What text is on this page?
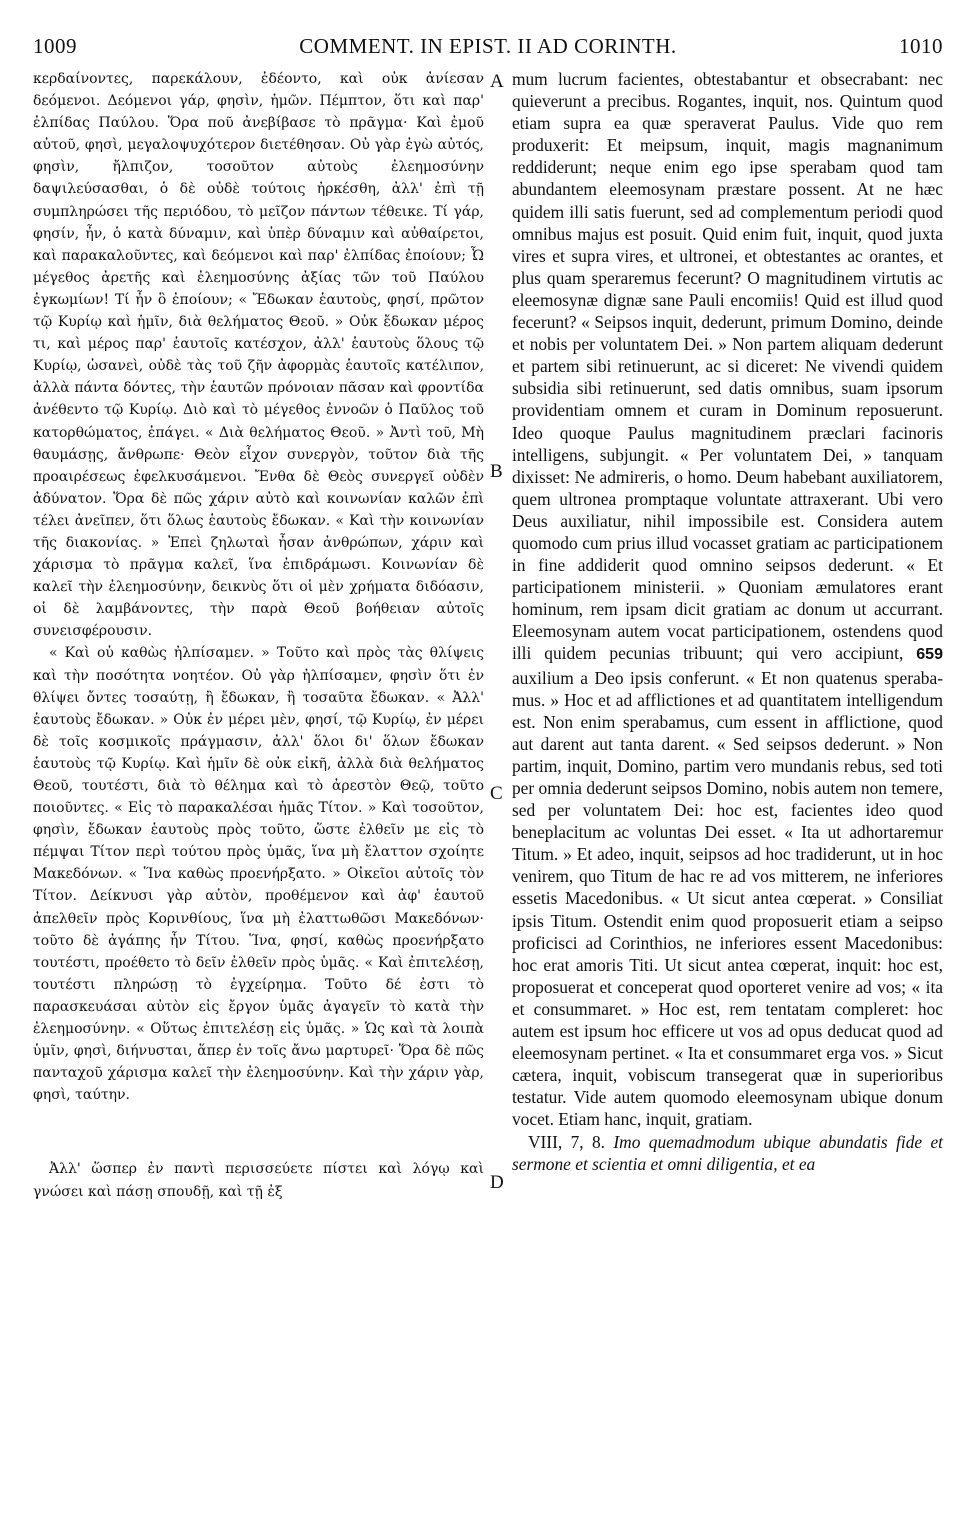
1009	COMMENT. IN EPIST. II AD CORINTH.	1010

κερδαίνοντες, παρεκάλουν, ἐδέοντο, καὶ οὐκ ἀνίεσαν δεόμενοι. Δεόμενοι γάρ, φησὶν, ἡμῶν. Πέμπτον, ὅτι καὶ παρ' ἐλπίδας Παύλου. Ὅρα ποῦ ἀνεβίβασε τὸ πρᾶγμα· Καὶ ἐμοῦ αὐτοῦ, φησὶ, μεγαλοψυχότερον διετέθησαν. Οὐ γὰρ ἐγὼ αὐτός, φησὶν, ἤλπιζον, τοσοῦτον αὐτοὺς ἐλεημοσύνην δαψιλεύσασθαι, ὁ δὲ οὐδὲ τούτοις ἠρκέσθη, ἀλλ' ἐπὶ τῇ συμπληρώσει τῆς περιόδου, τὸ μεῖζον πάντων τέθεικε. Τί γάρ, φησίν, ἦν, ὁ κατὰ δύναμιν, καὶ ὑπὲρ δύναμιν καὶ αὐθαίρετοι, καὶ παρακαλοῦντες, καὶ δεόμενοι καὶ παρ' ἐλπίδας ἐποίουν; Ὦ μέγεθος ἀρετῆς καὶ ἐλεημοσύνης ἀξίας τῶν τοῦ Παύλου ἐγκωμίων! Τί ἦν ὃ ἐποίουν; « Ἔδωκαν ἑαυτοὺς, φησί, πρῶτον τῷ Κυρίῳ καὶ ἡμῖν, διὰ θελήματος Θεοῦ. » Οὐκ ἔδωκαν μέρος τι, καὶ μέρος παρ' ἑαυτοῖς κατέσχον, ἀλλ' ἑαυτοὺς ὅλους τῷ Κυρίῳ, ὡσανεὶ, οὐδὲ τὰς τοῦ ζῆν ἀφορμὰς ἑαυτοῖς κατέλιπον, ἀλλὰ πάντα δόντες, τὴν ἑαυτῶν πρόνοιαν πᾶσαν καὶ φροντίδα ἀνέθεντο τῷ Κυρίῳ. Διὸ καὶ τὸ μέγεθος ἐννοῶν ὁ Παῦλος τοῦ κατορθώματος, ἐπάγει. « Διὰ θελήματος Θεοῦ. » Ἀντὶ τοῦ, Μὴ θαυμάσῃς, ἄνθρωπε· Θεὸν εἶχον συνεργὸν, τοῦτον διὰ τῆς προαιρέσεως ἐφελκυσάμενοι. Ἔνθα δὲ Θεὸς συνεργεῖ οὐδὲν ἀδύνατον. Ὅρα δὲ πῶς χάριν αὐτὸ καὶ κοινωνίαν καλῶν ἐπὶ τέλει ἀνεῖπεν, ὅτι ὅλως ἑαυτοὺς ἔδωκαν. « Καὶ τὴν κοινωνίαν τῆς διακονίας. » Ἐπεὶ ζηλωταὶ ἦσαν ἀνθρώπων, χάριν καὶ χάρισμα τὸ πρᾶγμα καλεῖ, ἵνα ἐπιδράμωσι. Κοινωνίαν δὲ καλεῖ τὴν ἐλεημοσύνην, δεικνὺς ὅτι οἱ μὲν χρήματα διδόασιν, οἱ δὲ λαμβάνοντες, τὴν παρὰ Θεοῦ βοήθειαν αὐτοῖς συνεισφέρουσιν.

« Καὶ οὐ καθὼς ἠλπίσαμεν. » Τοῦτο καὶ πρὸς τὰς θλίψεις καὶ τὴν ποσότητα νοητέον. Οὐ γὰρ ἠλπίσαμεν, φησὶν ὅτι ἐν θλίψει ὄντες τοσαύτῃ, ἢ ἔδωκαν, ἢ τοσαῦτα ἔδωκαν. « Ἀλλ' ἑαυτοὺς ἔδωκαν. » Οὐκ ἐν μέρει μὲν, φησί, τῷ Κυρίῳ, ἐν μέρει δὲ τοῖς κοσμικοῖς πράγμασιν, ἀλλ' ὅλοι δι' ὅλων ἔδωκαν ἑαυτοὺς τῷ Κυρίῳ. Καὶ ἡμῖν δὲ οὐκ εἰκῆ, ἀλλὰ διὰ θελήματος Θεοῦ, τουτέστι, διὰ τὸ θέλημα καὶ τὸ ἀρεστὸν Θεῷ, τοῦτο ποιοῦντες. « Εἰς τὸ παρακαλέσαι ἡμᾶς Τίτον. » Καὶ τοσοῦτον, φησὶν, ἔδωκαν ἑαυτοὺς πρὸς τοῦτο, ὥστε ἐλθεῖν με εἰς τὸ πέμψαι Τίτον περὶ τούτου πρὸς ὑμᾶς, ἵνα μὴ ἔλαττον σχοίητε Μακεδόνων. « Ἵνα καθὼς προενήρξατο. » Οἰκεῖοι αὐτοῖς τὸν Τίτον. Δείκνυσι γὰρ αὐτὸν, προθέμενον καὶ ἀφ' ἑαυτοῦ ἀπελθεῖν πρὸς Κορινθίους, ἵνα μὴ ἐλαττωθῶσι Μακεδόνων· τοῦτο δὲ ἀγάπης ἦν Τίτου. Ἵνα, φησί, καθὼς προενήρξατο τουτέστι, προέθετο τὸ δεῖν ἐλθεῖν πρὸς ὑμᾶς. « Καὶ ἐπιτελέσῃ, τουτέστι πληρώσῃ τὸ ἐγχείρημα. Τοῦτο δέ ἐστι τὸ παρασκευάσαι αὐτὸν εἰς ἔργον ὑμᾶς ἀγαγεῖν τὸ κατὰ τὴν ἐλεημοσύνην. « Οὕτως ἐπιτελέσῃ εἰς ὑμᾶς. » Ὡς καὶ τὰ λοιπὰ ὑμῖν, φησὶ, διήνυσται, ἅπερ ἐν τοῖς ἄνω μαρτυρεῖ· Ὅρα δὲ πῶς πανταχοῦ χάρισμα καλεῖ τὴν ἐλεημοσύνην. Καὶ τὴν χάριν γὰρ, φησὶ, ταύτην.

Ἀλλ' ὥσπερ ἐν παντὶ περισσεύετε πίστει καὶ λόγῳ καὶ γνώσει καὶ πάσῃ σπουδῇ, καὶ τῇ ἐξ

A
B
C
D

mum lucrum facientes, obtestabantur et obsecrabant: nec quieverunt a precibus. Rogantes, inquit, nos. Quintum quod etiam supra ea quæ speraverat Paulus. Vide quo rem produxerit: Et meipsum, inquit, magis magnanimum reddiderunt; neque enim ego ipse sperabam quod tam abundantem eleemosynam præstare possent. At ne hæc quidem illi satis fuerunt, sed ad complementum periodi quod omnibus majus est posuit. Quid enim fuit, inquit, quod juxta vires et supra vires, et ultronei, et obtestantes ac orantes, et plus quam speraremus fecerunt? O magnitudinem virtutis ac eleemosynæ dignæ sane Pauli encomiis! Quid est illud quod fecerunt? « Seipsos inquit, dederunt, primum Domino, deinde et nobis per voluntatem Dei. » Non partem aliquam dederunt et partem sibi retinuerunt, ac si diceret: Ne vivendi quidem subsidia sibi retinuerunt, sed datis omnibus, suam ipsorum providentiam omnem et curam in Dominum reposuerunt. Ideo quoque Paulus magnitudinem præclari facinoris intelligens, subjungit. « Per voluntatem Dei, » tanquam dixisset: Ne admireris, o homo. Deum habebant auxiliatorem, quem ultronea promptaque voluntate attraxerant. Ubi vero Deus auxiliatur, nihil impossibile est. Considera autem quomodo cum prius illud vocasset gratiam ac participationem in fine addiderit quod omnino seipsos dederunt. « Et participationem ministerii. » Quoniam æmulatores erant hominum, rem ipsam dicit gratiam ac donum ut accurrant. Eleemosynam autem vocat participationem, ostendens quod illi quidem pecunias tribuunt; qui vero accipiunt, 659 auxilium a Deo ipsis conferunt. « Et non quatenus speraba-mus. » Hoc et ad afflictiones et ad quantitatem intelligendum est. Non enim sperabamus, cum essent in afflictione, quod aut darent aut tanta darent. « Sed seipsos dederunt. » Non partim, inquit, Domino, partim vero mundanis rebus, sed toti per omnia dederunt seipsos Domino, nobis autem non temere, sed per voluntatem Dei: hoc est, facientes ideo quod beneplacitum ac voluntas Dei esset. « Ita ut adhortaremur Titum. » Et adeo, inquit, seipsos ad hoc tradiderunt, ut in hoc venirem, quo Titum de hac re ad vos mitterem, ne inferiores essetis Macedonibus. « Ut sicut antea cœperat. » Consiliat ipsis Titum. Ostendit enim quod proposuerit etiam a seipso proficisci ad Corinthios, ne inferiores essent Macedonibus: hoc erat amoris Titi. Ut sicut antea cœperat, inquit: hoc est, proposuerat et conceperat quod oporteret venire ad vos; « ita et consummaret. » Hoc est, rem tentatam compleret: hoc autem est ipsum hoc efficere ut vos ad opus deducat quod ad eleemosynam pertinet. « Ita et consummaret erga vos. » Sicut cætera, inquit, vobiscum transegerat quæ in superioribus testatur. Vide autem quomodo eleemosynam ubique donum vocet. Etiam hanc, inquit, gratiam.

VIII, 7, 8. Imo quemadmodum ubique abundatis fide et sermone et scientia et omni diligentia, et ea
